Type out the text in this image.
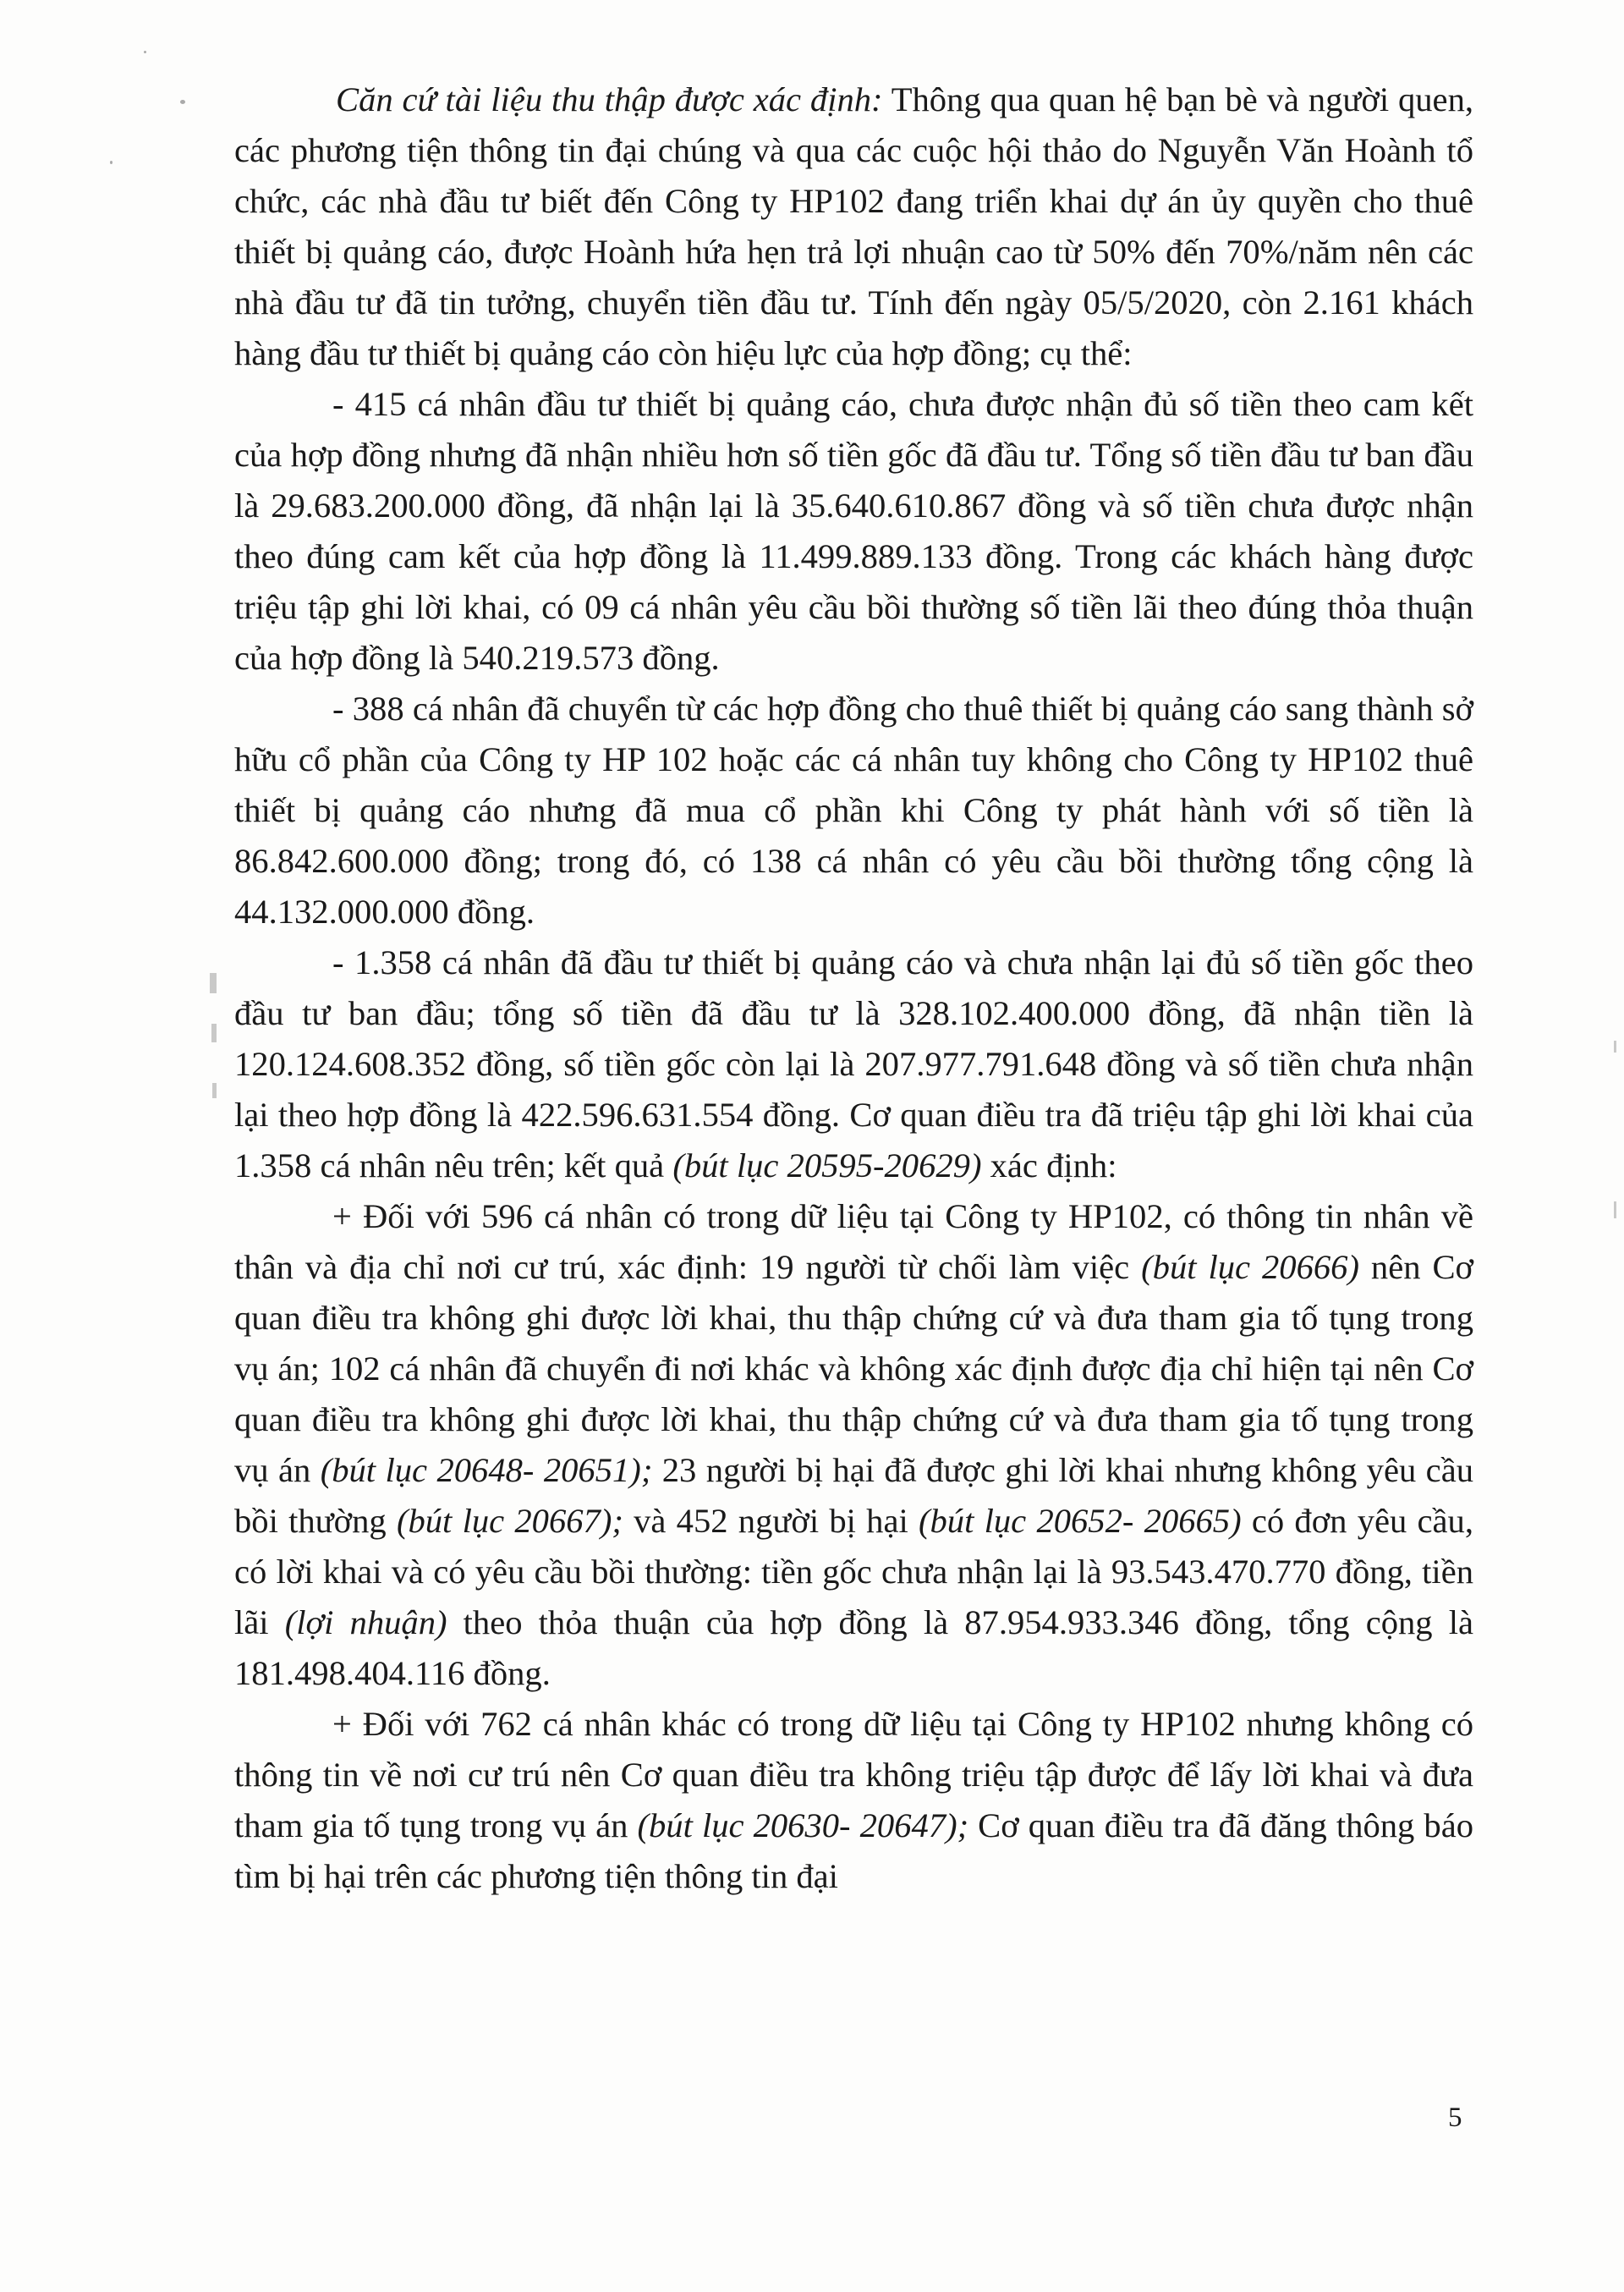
Căn cứ tài liệu thu thập được xác định: Thông qua quan hệ bạn bè và người quen, các phương tiện thông tin đại chúng và qua các cuộc hội thảo do Nguyễn Văn Hoành tổ chức, các nhà đầu tư biết đến Công ty HP102 đang triển khai dự án ủy quyền cho thuê thiết bị quảng cáo, được Hoành hứa hẹn trả lợi nhuận cao từ 50% đến 70%/năm nên các nhà đầu tư đã tin tưởng, chuyển tiền đầu tư. Tính đến ngày 05/5/2020, còn 2.161 khách hàng đầu tư thiết bị quảng cáo còn hiệu lực của hợp đồng; cụ thể:

- 415 cá nhân đầu tư thiết bị quảng cáo, chưa được nhận đủ số tiền theo cam kết của hợp đồng nhưng đã nhận nhiều hơn số tiền gốc đã đầu tư. Tổng số tiền đầu tư ban đầu là 29.683.200.000 đồng, đã nhận lại là 35.640.610.867 đồng và số tiền chưa được nhận theo đúng cam kết của hợp đồng là 11.499.889.133 đồng. Trong các khách hàng được triệu tập ghi lời khai, có 09 cá nhân yêu cầu bồi thường số tiền lãi theo đúng thỏa thuận của hợp đồng là 540.219.573 đồng.

- 388 cá nhân đã chuyển từ các hợp đồng cho thuê thiết bị quảng cáo sang thành sở hữu cổ phần của Công ty HP 102 hoặc các cá nhân tuy không cho Công ty HP102 thuê thiết bị quảng cáo nhưng đã mua cổ phần khi Công ty phát hành với số tiền là 86.842.600.000 đồng; trong đó, có 138 cá nhân có yêu cầu bồi thường tổng cộng là 44.132.000.000 đồng.

- 1.358 cá nhân đã đầu tư thiết bị quảng cáo và chưa nhận lại đủ số tiền gốc theo đầu tư ban đầu; tổng số tiền đã đầu tư là 328.102.400.000 đồng, đã nhận tiền là 120.124.608.352 đồng, số tiền gốc còn lại là 207.977.791.648 đồng và số tiền chưa nhận lại theo hợp đồng là 422.596.631.554 đồng. Cơ quan điều tra đã triệu tập ghi lời khai của 1.358 cá nhân nêu trên; kết quả (bút lục 20595-20629) xác định:

+ Đối với 596 cá nhân có trong dữ liệu tại Công ty HP102, có thông tin nhân về thân và địa chỉ nơi cư trú, xác định: 19 người từ chối làm việc (bút lục 20666) nên Cơ quan điều tra không ghi được lời khai, thu thập chứng cứ và đưa tham gia tố tụng trong vụ án; 102 cá nhân đã chuyển đi nơi khác và không xác định được địa chỉ hiện tại nên Cơ quan điều tra không ghi được lời khai, thu thập chứng cứ và đưa tham gia tố tụng trong vụ án (bút lục 20648- 20651); 23 người bị hại đã được ghi lời khai nhưng không yêu cầu bồi thường (bút lục 20667); và 452 người bị hại (bút lục 20652- 20665) có đơn yêu cầu, có lời khai và có yêu cầu bồi thường: tiền gốc chưa nhận lại là 93.543.470.770 đồng, tiền lãi (lợi nhuận) theo thỏa thuận của hợp đồng là 87.954.933.346 đồng, tổng cộng là 181.498.404.116 đồng.

+ Đối với 762 cá nhân khác có trong dữ liệu tại Công ty HP102 nhưng không có thông tin về nơi cư trú nên Cơ quan điều tra không triệu tập được để lấy lời khai và đưa tham gia tố tụng trong vụ án (bút lục 20630- 20647); Cơ quan điều tra đã đăng thông báo tìm bị hại trên các phương tiện thông tin đại

5
